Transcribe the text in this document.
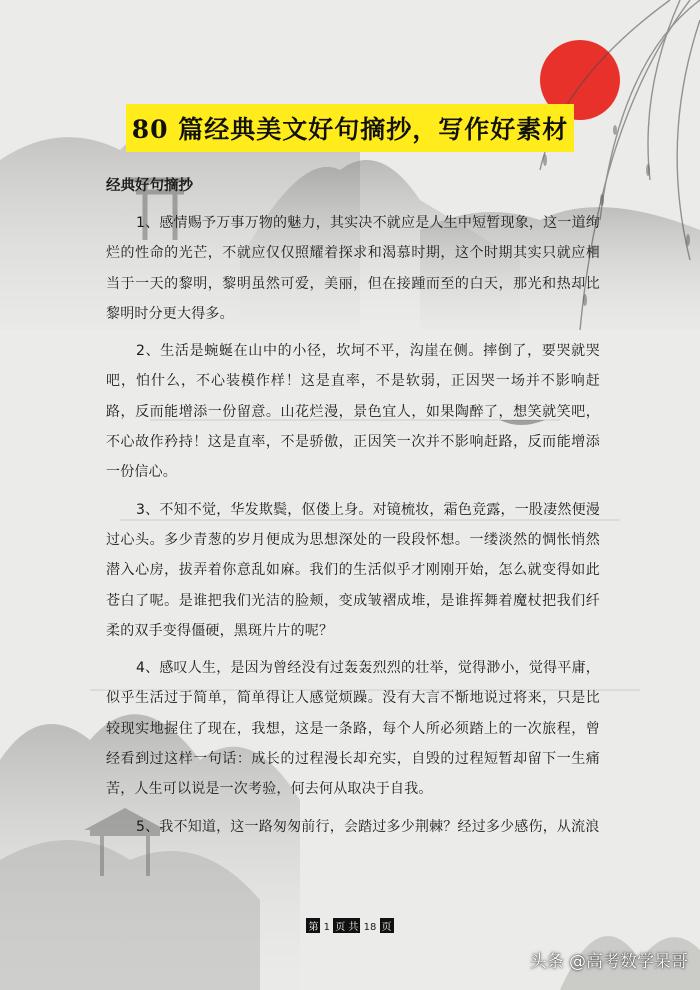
80 篇经典美文好句摘抄，写作好素材
经典好句摘抄

1、感情赐予万事万物的魅力，其实决不就应是人生中短暂现象，这一道绚烂的性命的光芒，不就应仅仅照耀着探求和渴慕时期，这个时期其实只就应相当于一天的黎明，黎明虽然可爱，美丽，但在接踵而至的白天，那光和热却比黎明时分更大得多。

2、生活是蜿蜒在山中的小径，坎坷不平，沟崖在侧。摔倒了，要哭就哭吧，怕什么，不心装模作样！这是直率，不是软弱，正因哭一场并不影响赶路，反而能增添一份留意。山花烂漫，景色宜人，如果陶醉了，想笑就笑吧，不心故作矜持！这是直率，不是骄傲，正因笑一次并不影响赶路，反而能增添一份信心。

3、不知不觉，华发欺鬓，伛偻上身。对镜梳妆，霜色竞露，一股凄然便漫过心头。多少青葱的岁月便成为思想深处的一段段怀想。一缕淡然的惆怅悄然潜入心房，拔弄着你意乱如麻。我们的生活似乎才刚刚开始，怎么就变得如此苍白了呢。是谁把我们光洁的脸颊，变成皱褶成堆，是谁挥舞着魔杖把我们纤柔的双手变得僵硬，黑斑片片的呢？

4、感叹人生，是因为曾经没有过轰轰烈烈的壮举，觉得渺小，觉得平庸，似乎生活过于简单，简单得让人感觉烦躁。没有大言不惭地说过将来，只是比较现实地握住了现在，我想，这是一条路，每个人所必须踏上的一次旅程，曾经看到过这样一句话：成长的过程漫长却充实，自毁的过程短暂却留下一生痛苦，人生可以说是一次考验，何去何从取决于自我。

5、我不知道，这一路匆匆前行，会踏过多少荆棘？经过多少感伤，从流浪

第 1 页 共 18 页
头条 @高考数学呆哥
